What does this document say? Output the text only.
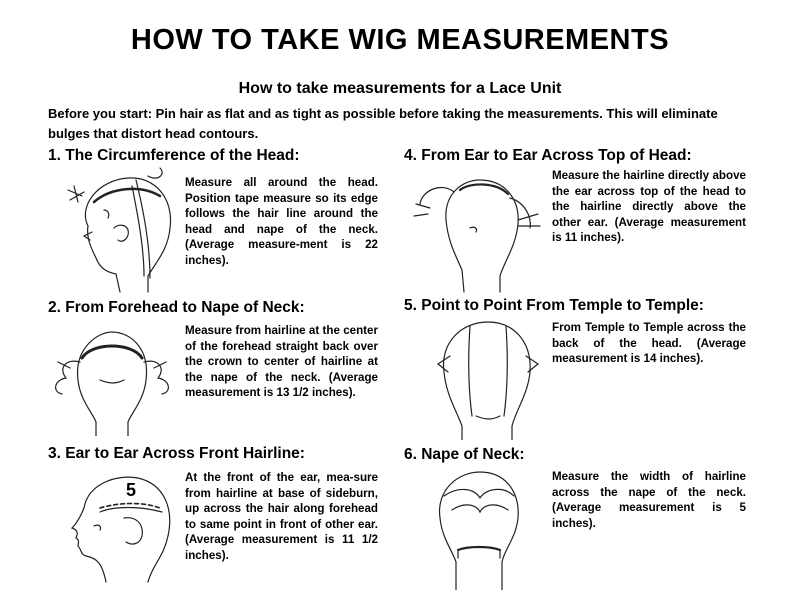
HOW TO TAKE WIG MEASUREMENTS
How to take measurements for a Lace Unit
Before you start: Pin hair as flat and as tight as possible before taking the measurements. This will eliminate bulges that distort head contours.
1. The Circumference of the Head:
Measure all around the head. Position tape measure so its edge follows the hair line around the head and nape of the neck. (Average measure-ment is 22 inches).
2. From Forehead to Nape of Neck:
Measure from hairline at the center of the forehead straight back over the crown to center of hairline at the nape of the neck. (Average measurement is 13 1/2 inches).
3. Ear to Ear Across Front Hairline:
5
At the front of the ear, mea-sure from hairline at base of sideburn, up across the hair along forehead to same point in front of other ear. (Average measurement is 11 1/2 inches).
4. From Ear to Ear Across Top of Head:
Measure the hairline directly above the ear across top of the head to the hairline directly above the other ear. (Average measurement is 11 inches).
5. Point to Point From Temple to Temple:
From Temple to Temple across the back of the head. (Average measurement is 14 inches).
6. Nape of Neck:
Measure the width of hairline across the nape of the neck. (Average measurement is 5 inches).
